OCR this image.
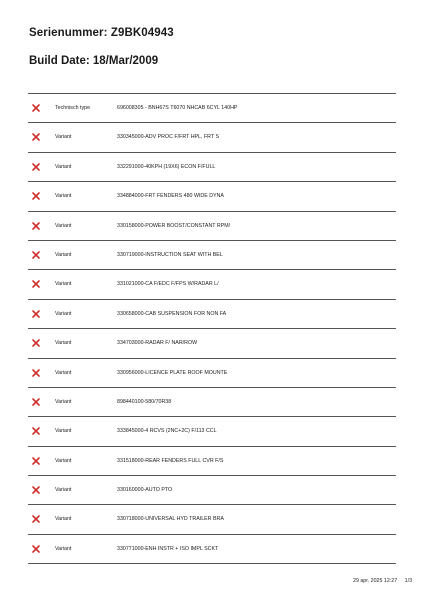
Serienummer: Z9BK04943
Build Date: 18/Mar/2009
Technisch type	696008305 - BNH67S T6070 NHCAB 6CYL 140HP
Variant	330345000-ADV PROC F/FRT HPL, FRT S
Variant	332291000-40KPH (19X6) ECON F/FULL
Variant	334884000-FRT FENDERS 480 WIDE DYNA
Variant	330158000-POWER BOOST/CONSTANT RPM/
Variant	330719000-INSTRUCTION SEAT WITH BEL
Variant	331021000-CA F/EDC F/FPS W/RADAR L/
Variant	330658000-CAB SUSPENSION FOR NON FA
Variant	334703000-RADAR F/ NAR/ROW
Variant	330956000-LICENCE PLATE ROOF MOUNTE
Variant	898440100-580/70R38
Variant	333845000-4 RCVS (2NC+2C) F/113 CCL
Variant	331518000-REAR FENDERS FULL CVR F/S
Variant	330160000-AUTO PTO
Variant	330718000-UNIVERSAL HYD TRAILER BRA
Variant	330771000-ENH INSTR + ISO IMPL SCKT
29 apr. 2025 12:27 1/3
